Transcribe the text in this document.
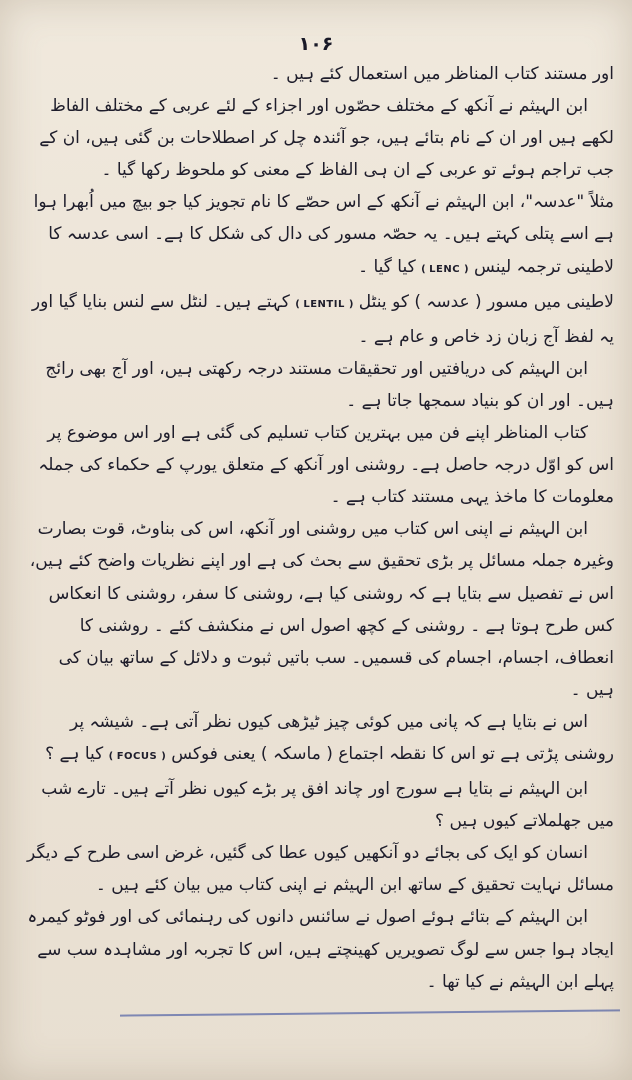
۱۰۶

اور مستند کتاب المناظر میں استعمال کئے ہیں ۔

ابن الہیثم نے آنکھ کے مختلف حصّوں اور اجزاء کے لئے عربی کے مختلف الفاظ لکھے ہیں اور ان کے نام بتائے ہیں، جو آئندہ چل کر اصطلاحات بن گئی ہیں، ان کے جب تراجم ہوئے تو عربی کے ان ہی الفاظ کے معنی کو ملحوظ رکھا گیا ۔

مثلاً "عدسہ"، ابن الہیثم نے آنکھ کے اس حصّے کا نام تجویز کیا جو بیچ میں اُبھرا ہوا ہے اسے پتلی کہتے ہیں۔ یہ حصّہ مسور کی دال کی شکل کا ہے۔ اسی عدسہ کا لاطینی ترجمہ لینس ( LENC ) کیا گیا ۔

لاطینی میں مسور ( عدسہ ) کو ینٹل ( LENTIL ) کہتے ہیں۔ لنٹل سے لنس بنایا گیا اور یہ لفظ آج زبان زد خاص و عام ہے ۔

ابن الہیثم کی دریافتیں اور تحقیقات مستند درجہ رکھتی ہیں، اور آج بھی رائج ہیں۔ اور ان کو بنیاد سمجھا جاتا ہے ۔

کتاب المناظر اپنے فن میں بہترین کتاب تسلیم کی گئی ہے اور اس موضوع پر اس کو اوّل درجہ حاصل ہے۔ روشنی اور آنکھ کے متعلق یورپ کے حکماء کی جملہ معلومات کا ماخذ یہی مستند کتاب ہے ۔

ابن الہیثم نے اپنی اس کتاب میں روشنی اور آنکھ، اس کی بناوٹ، قوت بصارت وغیرہ جملہ مسائل پر بڑی تحقیق سے بحث کی ہے اور اپنے نظریات واضح کئے ہیں، اس نے تفصیل سے بتایا ہے کہ روشنی کیا ہے، روشنی کا سفر، روشنی کا انعکاس کس طرح ہوتا ہے ۔ روشنی کے کچھ اصول اس نے منکشف کئے ۔ روشنی کا انعطاف، اجسام، اجسام کی قسمیں۔ سب باتیں ثبوت و دلائل کے ساتھ بیان کی ہیں ۔

اس نے بتایا ہے کہ پانی میں کوئی چیز ٹیڑھی کیوں نظر آتی ہے۔ شیشہ پر روشنی پڑتی ہے تو اس کا نقطہ اجتماع ( ماسکہ ) یعنی فوکس ( FOCUS ) کیا ہے ؟

ابن الہیثم نے بتایا ہے سورج اور چاند افق پر بڑے کیوں نظر آتے ہیں۔ تارے شب میں جھلملاتے کیوں ہیں ؟

انسان کو ایک کی بجائے دو آنکھیں کیوں عطا کی گئیں، غرض اسی طرح کے دیگر مسائل نہایت تحقیق کے ساتھ ابن الہیثم نے اپنی کتاب میں بیان کئے ہیں ۔

ابن الہیثم کے بتائے ہوئے اصول نے سائنس دانوں کی رہنمائی کی اور فوٹو کیمرہ ایجاد ہوا جس سے لوگ تصویریں کھینچتے ہیں، اس کا تجربہ اور مشاہدہ سب سے پہلے ابن الہیثم نے کیا تھا ۔
